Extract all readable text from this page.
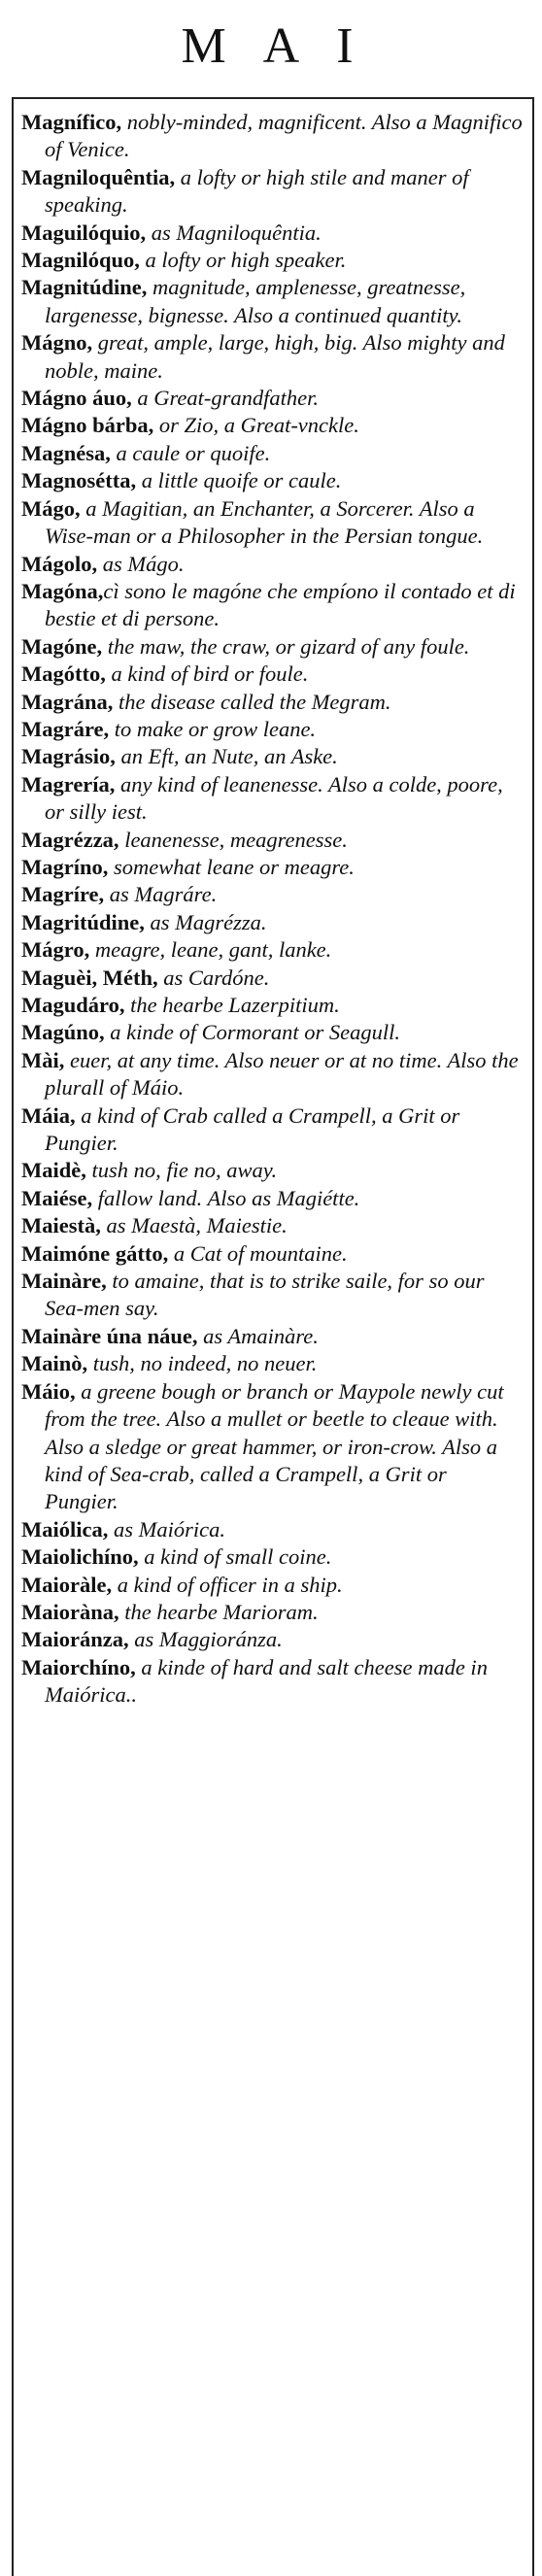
MAI
Magnífico, nobly-minded, magnificent. Also a Magnifico of Venice.
Magniloquêntia, a lofty or high stile and maner of speaking.
Maguilóquio, as Magniloquêntia.
Magnilóquo, a lofty or high speaker.
Magnitúdine, magnitude, amplenesse, greatnesse, largenesse, bignesse. Also a continued quantity.
Mágno, great, ample, large, high, big. Also mighty and noble, maine.
Mágno áuo, a Great-grandfather.
Mágno bárba, or Zio, a Great-vnckle.
Magnésa, a caule or quoife.
Magnosétta, a little quoife or caule.
Mágo, a Magitian, an Enchanter, a Sorcerer. Also a Wise-man or a Philosopher in the Persian tongue.
Mágolo, as Mágo.
Magóna,cì sono le magóne che empíono il contado et di bestie et di persone.
Magóne, the maw, the craw, or gizard of any foule.
Magótto, a kind of bird or foule.
Magrána, the disease called the Megram.
Magráre, to make or grow leane.
Magrásio, an Eft, an Nute, an Aske.
Magrería, any kind of leanenesse. Also a colde, poore, or silly iest.
Magrézza, leanenesse, meagrenesse.
Magríno, somewhat leane or meagre.
Magríre, as Magráre.
Magritúdine, as Magrézza.
Mágro, meagre, leane, gant, lanke.
Maguèi, Méth, as Cardóne.
Magudáro, the hearbe Lazerpitium.
Magúno, a kinde of Cormorant or Seagull.
Mài, euer, at any time. Also neuer or at no time. Also the plurall of Máio.
Máia, a kind of Crab called a Crampell, a Grit or Pungier.
Maidè, tush no, fie no, away.
Maiése, fallow land. Also as Magiétte.
Maiestà, as Maestà, Maiestie.
Maimóne gátto, a Cat of mountaine.
Mainàre, to amaine, that is to strike saile, for so our Sea-men say.
Mainàre úna náue, as Amainàre.
Mainò, tush, no indeed, no neuer.
Máio, a greene bough or branch or Maypole newly cut from the tree. Also a mullet or beetle to cleaue with. Also a sledge or great hammer, or iron-crow. Also a kind of Sea-crab, called a Crampell, a Grit or Pungier.
Maiólica, as Maiórica.
Maiolichíno, a kind of small coine.
Maioràle, a kind of officer in a ship.
Maioràna, the hearbe Marioram.
Maioránza, as Maggioránza.
Maiorchíno, a kinde of hard and salt cheese made in Maiórica..
